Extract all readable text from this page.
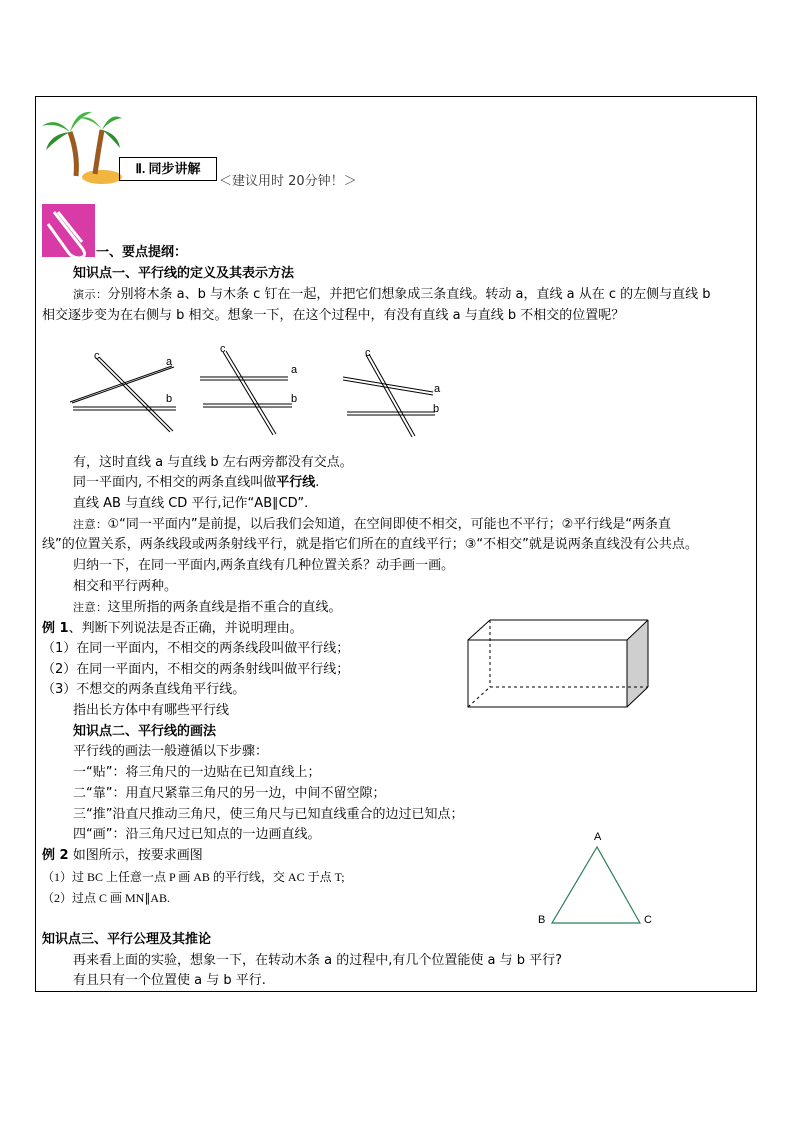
Ⅱ. 同步讲解
＜建议用时 20分钟！＞
一、要点提纲：
知识点一、平行线的定义及其表示方法
演示：分别将木条 a、b 与木条 c 钉在一起，并把它们想象成三条直线。转动 a，直线 a 从在 c 的左侧与直线 b
相交逐步变为在右侧与 b 相交。想象一下，在这个过程中，有没有直线 a 与直线 b 不相交的位置呢？
c	a
b
c
a
b
c
a
b
有，这时直线 a 与直线 b 左右两旁都没有交点。
同一平面内, 不相交的两条直线叫做平行线.
直线 AB 与直线 CD 平行,记作“AB∥CD”.
注意：①“同一平面内”是前提，以后我们会知道，在空间即使不相交，可能也不平行；②平行线是“两条直
线”的位置关系，两条线段或两条射线平行，就是指它们所在的直线平行；③“不相交”就是说两条直线没有公共点。
归纳一下，在同一平面内,两条直线有几种位置关系？动手画一画。
相交和平行两种。
注意：这里所指的两条直线是指不重合的直线。
例 1、判断下列说法是否正确，并说明理由。
（1）在同一平面内，不相交的两条线段叫做平行线；
（2）在同一平面内，不相交的两条射线叫做平行线；
（3）不想交的两条直线角平行线。
指出长方体中有哪些平行线
知识点二、平行线的画法
平行线的画法一般遵循以下步骤：
一“贴”：将三角尺的一边贴在已知直线上；
二“靠”：用直尺紧靠三角尺的另一边，中间不留空隙；
三“推”沿直尺推动三角尺，使三角尺与已知直线重合的边过已知点；
四“画”：沿三角尺过已知点的一边画直线。
例 2 如图所示，按要求画图
（1）过 BC 上任意一点 P 画 AB 的平行线，交 AC 于点 T;
（2）过点 C 画 MN∥AB.
A
B	C
知识点三、平行公理及其推论
再来看上面的实验，想象一下，在转动木条 a 的过程中,有几个位置能使 a 与 b 平行?
有且只有一个位置使 a 与 b 平行.
